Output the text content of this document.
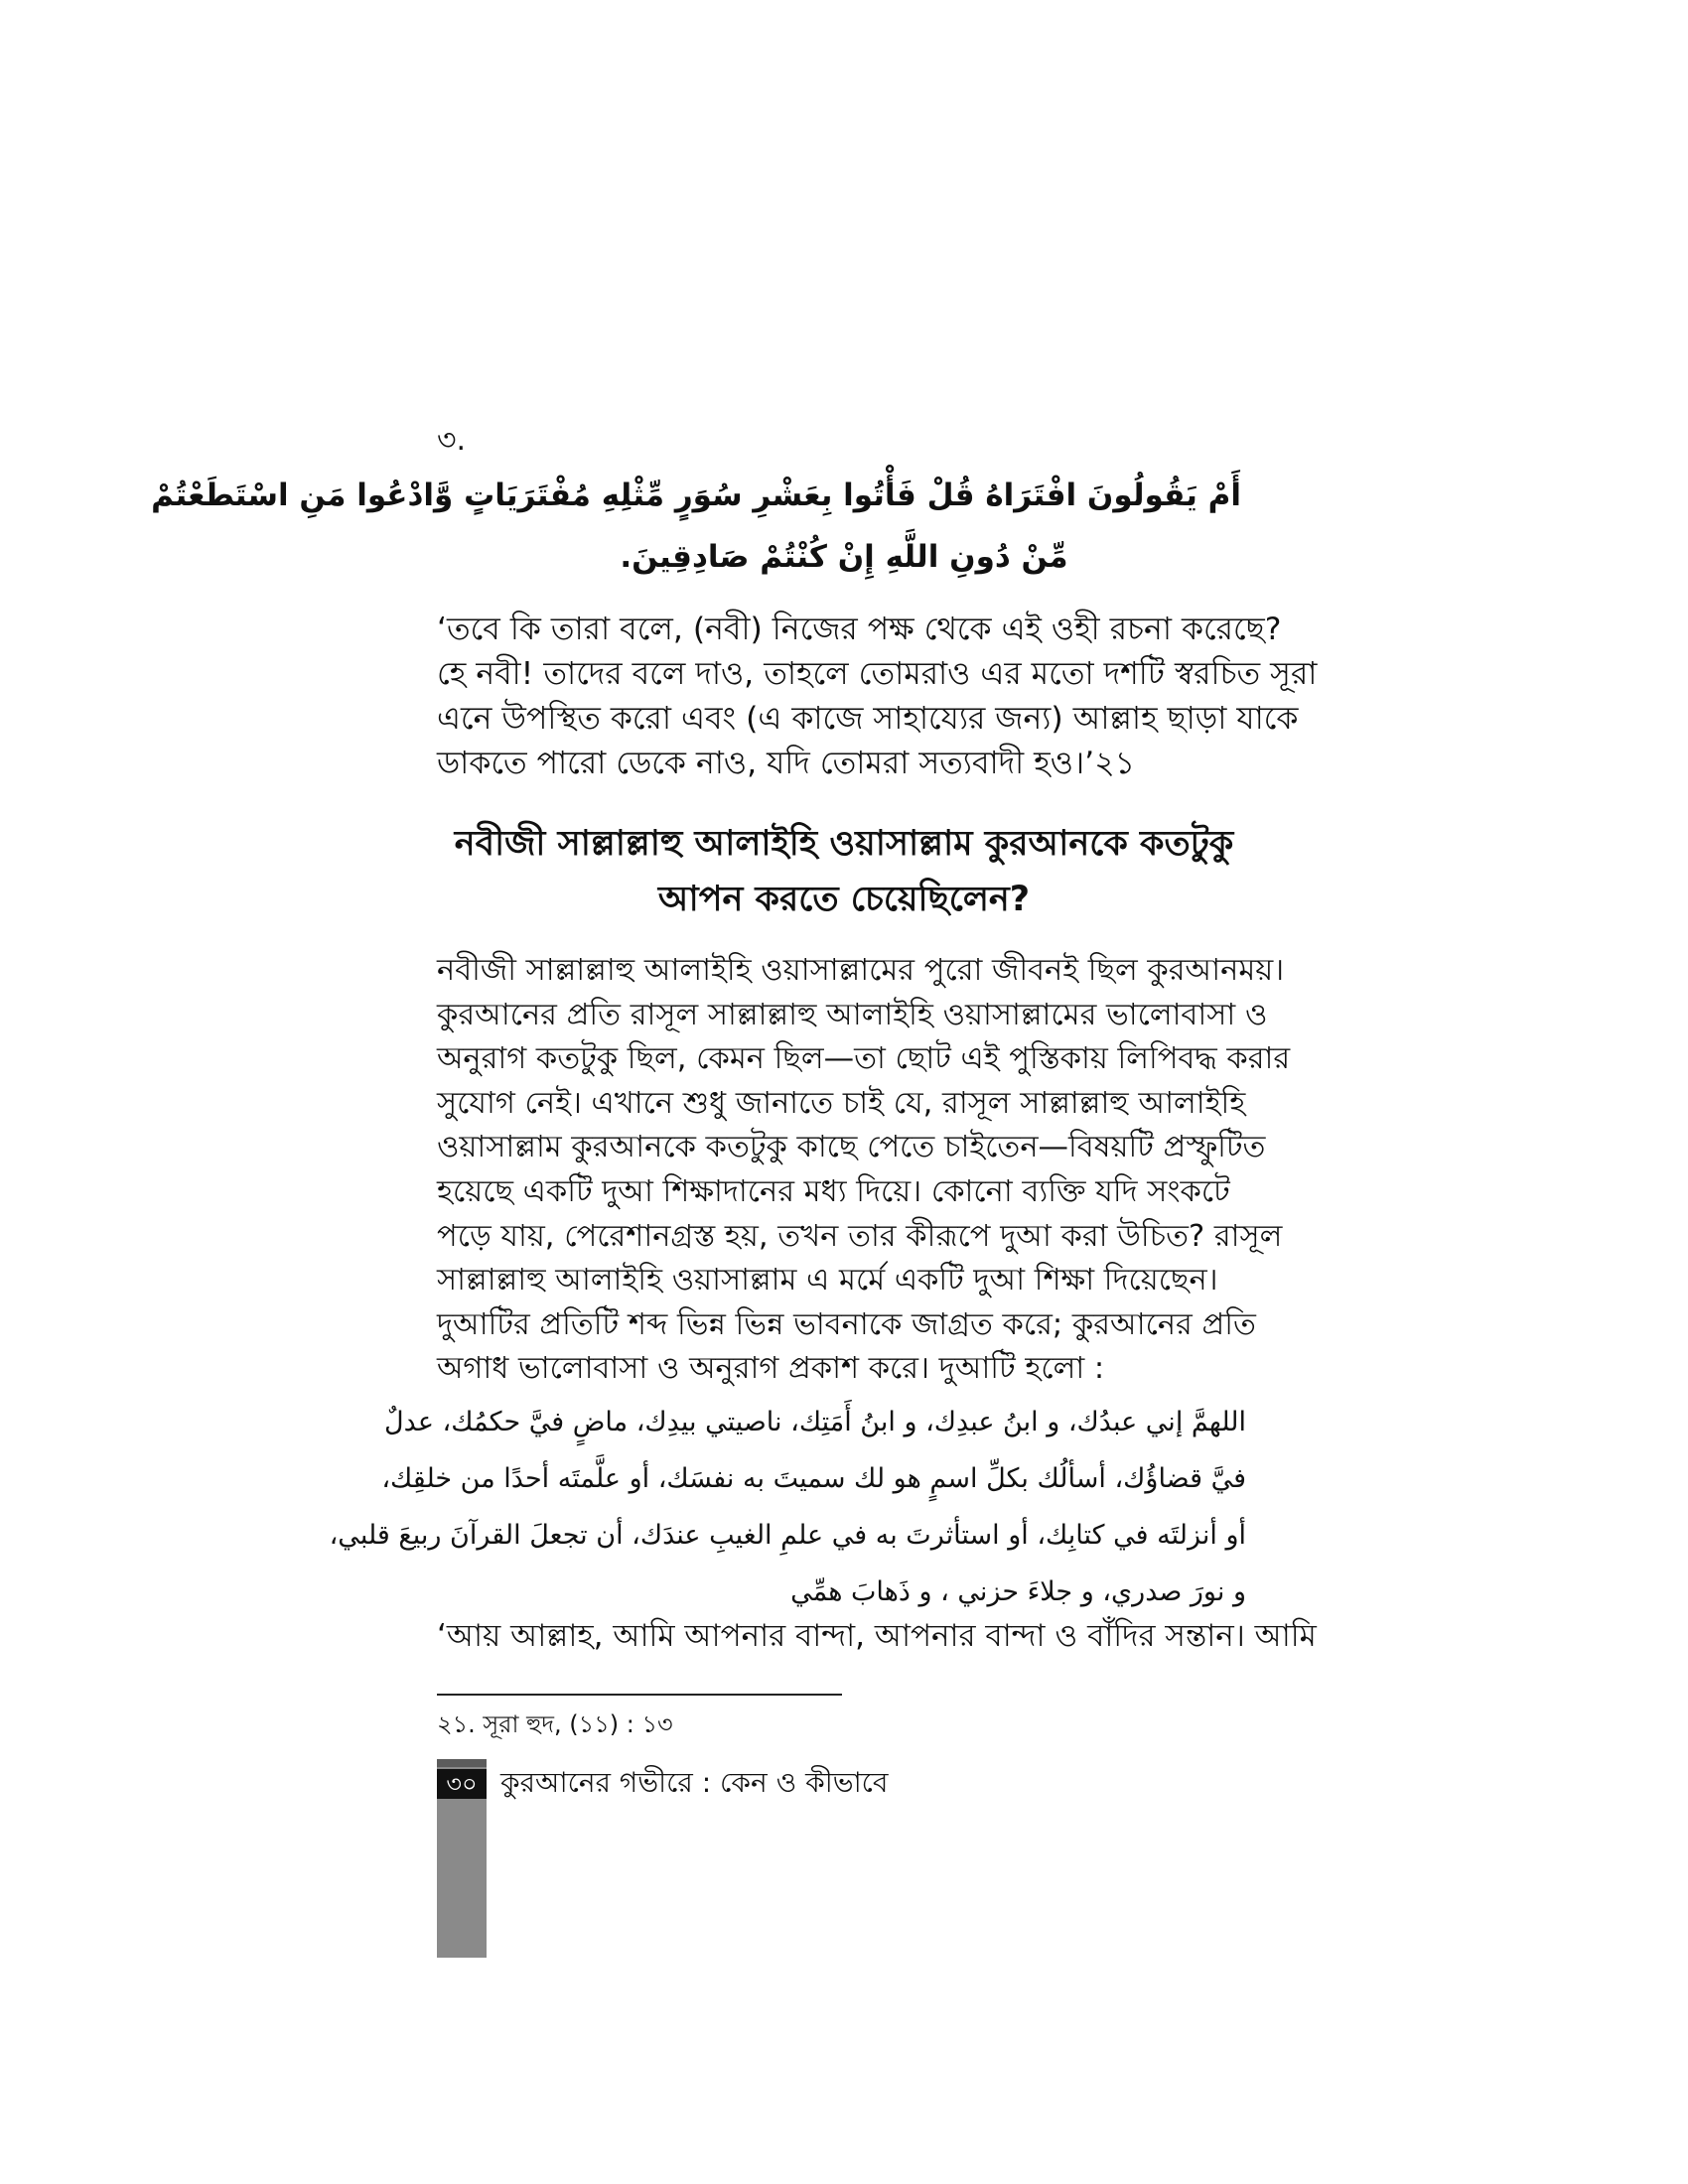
৩.
أَمْ يَقُولُونَ افْتَرَاهُ قُلْ فَأْتُوا بِعَشْرِ سُوَرٍ مِّثْلِهِ مُفْتَرَيَاتٍ وَّادْعُوا مَنِ اسْتَطَعْتُمْ
مِّنْ دُونِ اللَّهِ إِنْ كُنْتُمْ صَادِقِينَ.
‘তবে কি তারা বলে, (নবী) নিজের পক্ষ থেকে এই ওহী রচনা করেছে?
হে নবী! তাদের বলে দাও, তাহলে তোমরাও এর মতো দশটি স্বরচিত সূরা
এনে উপস্থিত করো এবং (এ কাজে সাহায্যের জন্য) আল্লাহ ছাড়া যাকে
ডাকতে পারো ডেকে নাও, যদি তোমরা সত্যবাদী হও।’২১
নবীজী সাল্লাল্লাহু আলাইহি ওয়াসাল্লাম কুরআনকে কতটুকু
আপন করতে চেয়েছিলেন?
নবীজী সাল্লাল্লাহু আলাইহি ওয়াসাল্লামের পুরো জীবনই ছিল কুরআনময়।
কুরআনের প্রতি রাসূল সাল্লাল্লাহু আলাইহি ওয়াসাল্লামের ভালোবাসা ও
অনুরাগ কতটুকু ছিল, কেমন ছিল—তা ছোট এই পুস্তিকায় লিপিবদ্ধ করার
সুযোগ নেই। এখানে শুধু জানাতে চাই যে, রাসূল সাল্লাল্লাহু আলাইহি
ওয়াসাল্লাম কুরআনকে কতটুকু কাছে পেতে চাইতেন—বিষয়টি প্রস্ফুটিত
হয়েছে একটি দুআ শিক্ষাদানের মধ্য দিয়ে। কোনো ব্যক্তি যদি সংকটে
পড়ে যায়, পেরেশানগ্রস্ত হয়, তখন তার কীরূপে দুআ করা উচিত? রাসূল
সাল্লাল্লাহু আলাইহি ওয়াসাল্লাম এ মর্মে একটি দুআ শিক্ষা দিয়েছেন।
দুআটির প্রতিটি শব্দ ভিন্ন ভিন্ন ভাবনাকে জাগ্রত করে; কুরআনের প্রতি
অগাধ ভালোবাসা ও অনুরাগ প্রকাশ করে। দুআটি হলো :
اللهمَّ إني عبدُك، و ابنُ عبدِك، و ابنُ أَمَتِك، ناصيتي بيدِك، ماضٍ فيَّ حكمُك، عدلٌ
فيَّ قضاؤُك، أسألُك بكلِّ اسمٍ هو لك سميتَ به نفسَك، أو علَّمتَه أحدًا من خلقِك،
أو أنزلتَه في كتابِك، أو استأثرتَ به في علمِ الغيبِ عندَك، أن تجعلَ القرآنَ ربيعَ قلبي،
و نورَ صدري، و جلاءَ حزني ، و ذَهابَ همِّي
‘আয় আল্লাহ, আমি আপনার বান্দা, আপনার বান্দা ও বাঁদির সন্তান। আমি
২১. সূরা হুদ, (১১) : ১৩
৩০ কুরআনের গভীরে : কেন ও কীভাবে
